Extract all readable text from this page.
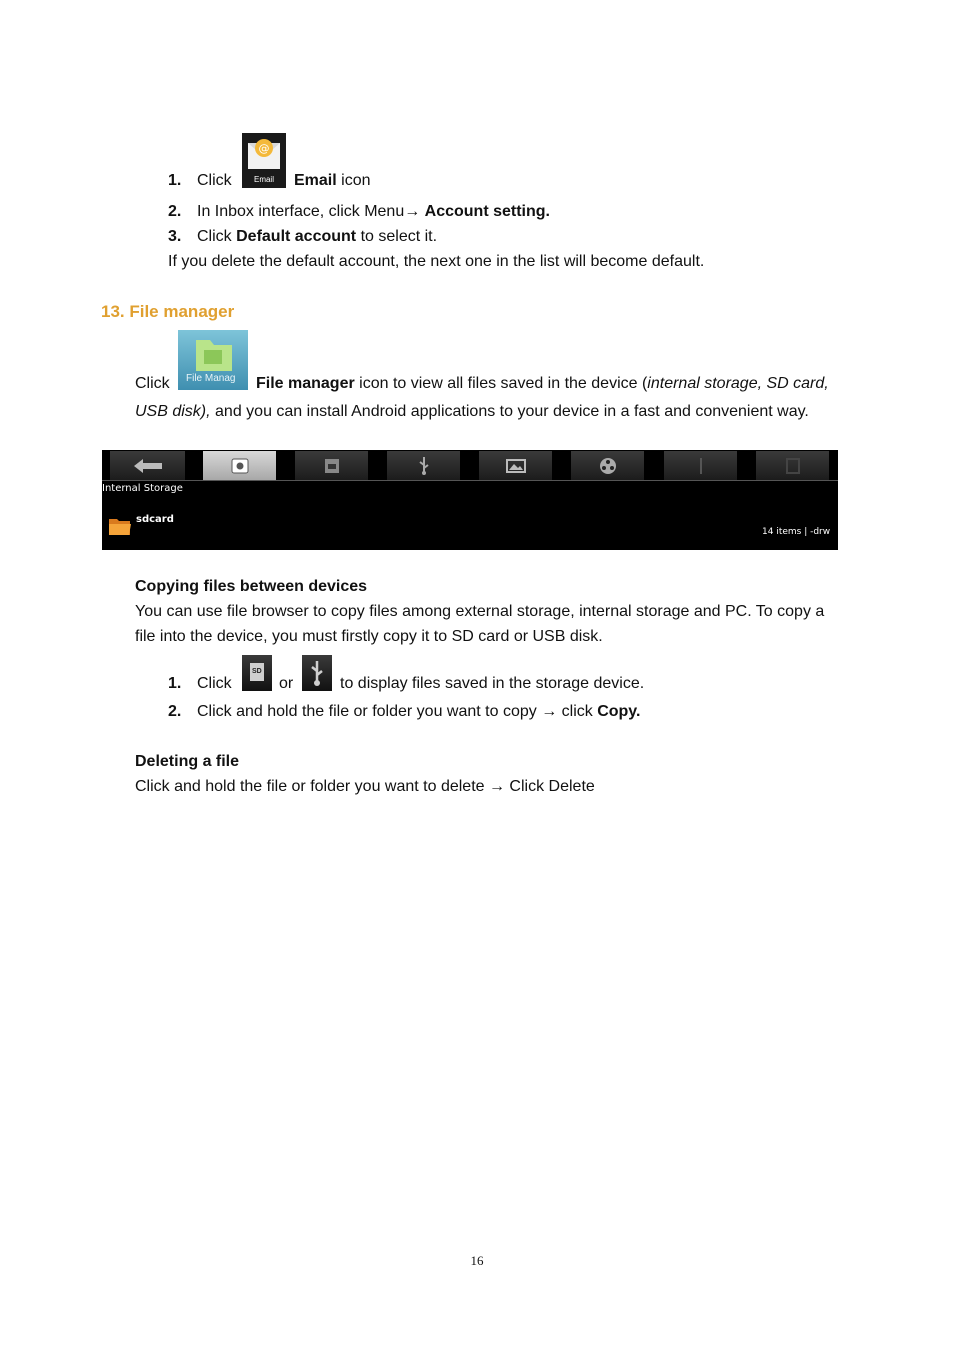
1. Click
@
Email	Email icon
2. In Inbox interface, click Menu→ Account setting.
3. Click Default account to select it.
If you delete the default account, the next one in the list will become default.
13. File manager
Click File Manag File manager icon to view all files saved in the device (internal storage, SD card,
USB disk), and you can install Android applications to your device in a fast and convenient way.
Internal Storage
sdcard
14 items | -drw
Copying files between devices
You can use file browser to copy files among external storage, internal storage and PC. To copy a
file into the device, you must firstly copy it to SD card or USB disk.
1. Click
SD
or	to display files saved in the storage device.
2. Click and hold the file or folder you want to copy → click Copy.
Deleting a file
Click and hold the file or folder you want to delete → Click Delete
16
